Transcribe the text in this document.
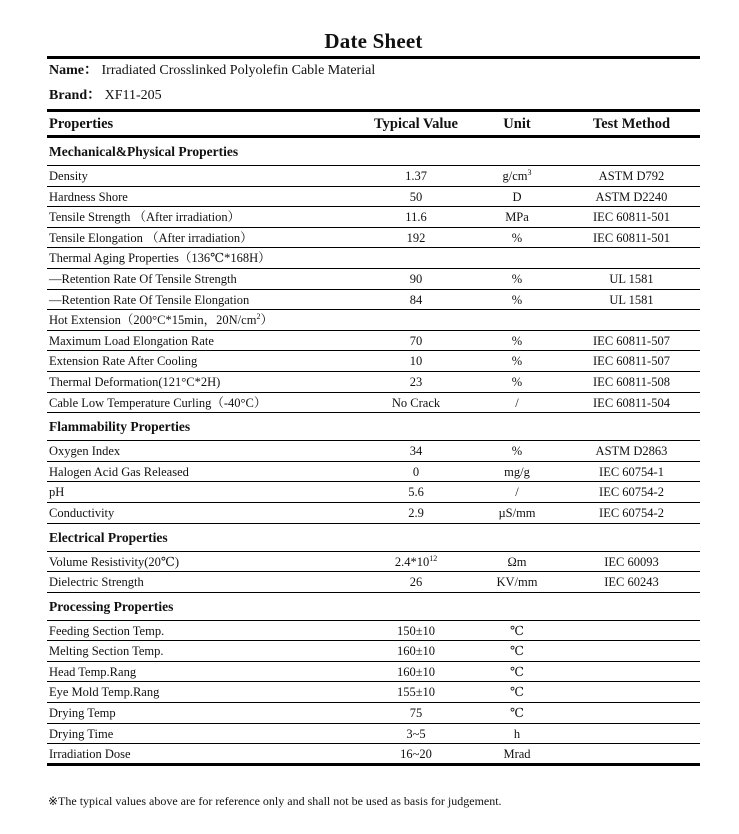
Date Sheet
Name： Irradiated Crosslinked Polyolefin Cable Material
Brand： XF11-205
Properties	Typical Value	Unit	Test Method
Mechanical&Physical Properties
Density	1.37	$g/cm^3$	ASTM D792
Hardness Shore	50	D	ASTM D2240
Tensile Strength （After irradiation）	11.6	MPa	IEC 60811-501
Tensile Elongation （After irradiation）	192	%	IEC 60811-501
Thermal Aging Properties（136℃*168H）
—Retention Rate Of Tensile Strength	90	%	UL 1581
—Retention Rate Of Tensile Elongation	84	%	UL 1581
Hot Extension（200°C*15min，$20N/cm^2$）
Maximum Load Elongation Rate	70	%	IEC 60811-507
Extension Rate After Cooling	10	%	IEC 60811-507
Thermal Deformation(121°C*2H)	23	%	IEC 60811-508
Cable Low Temperature Curling（-40°C）	No Crack	/	IEC 60811-504
Flammability Properties
Oxygen Index	34	%	ASTM D2863
Halogen Acid Gas Released	0	mg/g	IEC 60754-1
pH	5.6	/	IEC 60754-2
Conductivity	2.9	µS/mm	IEC 60754-2
Electrical Properties
Volume Resistivity(20℃)	$2.4*10^{12}$	Ωm	IEC 60093
Dielectric Strength	26	KV/mm	IEC 60243
Processing Properties
Feeding Section Temp.	150±10	℃
Melting Section Temp.	160±10	℃
Head Temp.Rang	160±10	℃
Eye Mold Temp.Rang	155±10	℃
Drying Temp	75	℃
Drying Time	3~5	h
Irradiation Dose	16~20	Mrad
※The typical values above are for reference only and shall not be used as basis for judgement.
